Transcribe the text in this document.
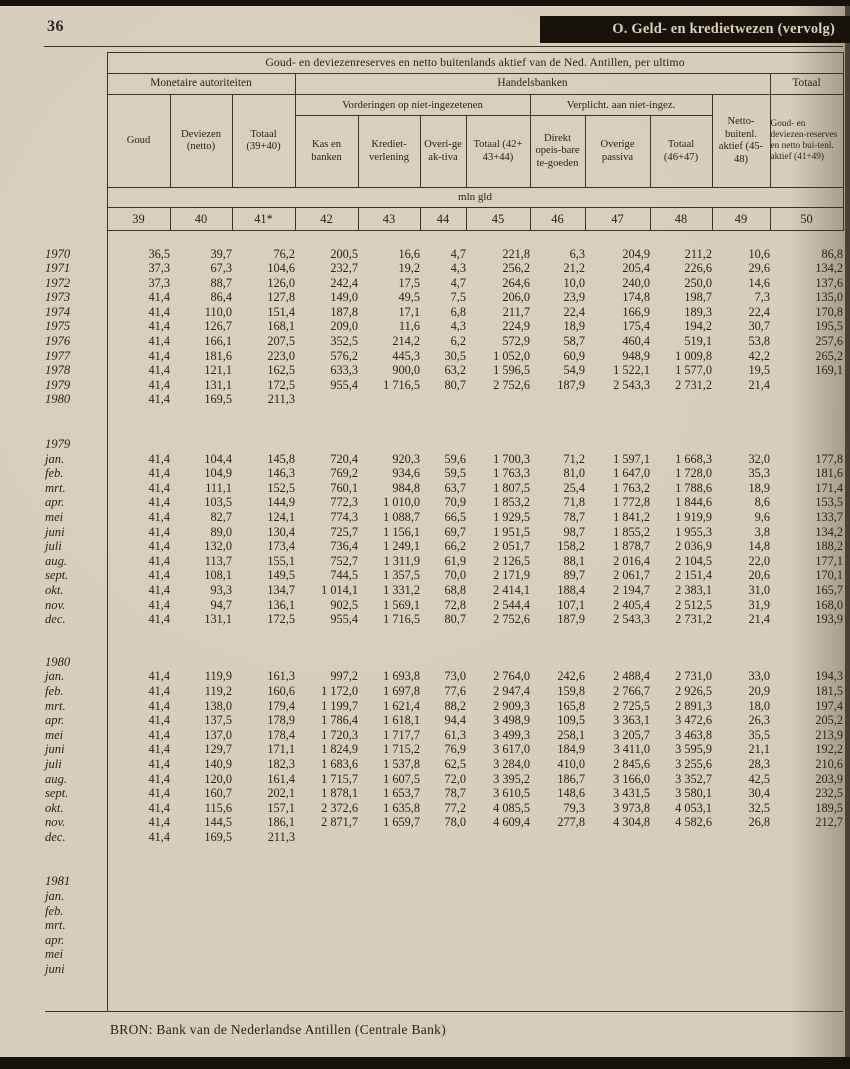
36	O. Geld- en kredietwezen (vervolg)
	Goud- en deviezenreserves en netto buitenlands aktief van de Ned. Antillen, per ultimo											
	Monetaire autoriteiten			Handelsbanken								Totaal
	Goud	Deviezen (netto)	Totaal (39+40)	Vorderingen op niet-ingezetenen				Verplicht. aan niet-ingez.			Netto-buitenl. aktief (45-48)	Goud- en deviezen-reserves en netto bui-tenl. aktief (41+49)
				Kas en banken	Krediet-verlening	Overi-ge ak-tiva	Totaal (42+ 43+44)	Direkt opeis-bare te-goeden	Overige passiva	Totaal (46+47)		
	mln gld											
	39	40	41*	42	43	44	45	46	47	48	49	50

1970	36,5	39,7	76,2	200,5	16,6	4,7	221,8	6,3	204,9	211,2	10,6	86,8
1971	37,3	67,3	104,6	232,7	19,2	4,3	256,2	21,2	205,4	226,6	29,6	134,2
1972	37,3	88,7	126,0	242,4	17,5	4,7	264,6	10,0	240,0	250,0	14,6	137,6
1973	41,4	86,4	127,8	149,0	49,5	7,5	206,0	23,9	174,8	198,7	7,3	135,0
1974	41,4	110,0	151,4	187,8	17,1	6,8	211,7	22,4	166,9	189,3	22,4	170,8
1975	41,4	126,7	168,1	209,0	11,6	4,3	224,9	18,9	175,4	194,2	30,7	195,5
1976	41,4	166,1	207,5	352,5	214,2	6,2	572,9	58,7	460,4	519,1	53,8	257,6
1977	41,4	181,6	223,0	576,2	445,3	30,5	1 052,0	60,9	948,9	1 009,8	42,2	265,2
1978	41,4	121,1	162,5	633,3	900,0	63,2	1 596,5	54,9	1 522,1	1 577,0	19,5	169,1
1979	41,4	131,1	172,5	955,4	1 716,5	80,7	2 752,6	187,9	2 543,3	2 731,2	21,4	
1980	41,4	169,5	211,3									

1979												
jan.	41,4	104,4	145,8	720,4	920,3	59,6	1 700,3	71,2	1 597,1	1 668,3	32,0	177,8
feb.	41,4	104,9	146,3	769,2	934,6	59,5	1 763,3	81,0	1 647,0	1 728,0	35,3	181,6
mrt.	41,4	111,1	152,5	760,1	984,8	63,7	1 807,5	25,4	1 763,2	1 788,6	18,9	171,4
apr.	41,4	103,5	144,9	772,3	1 010,0	70,9	1 853,2	71,8	1 772,8	1 844,6	8,6	153,5
mei	41,4	82,7	124,1	774,3	1 088,7	66,5	1 929,5	78,7	1 841,2	1 919,9	9,6	133,7
juni	41,4	89,0	130,4	725,7	1 156,1	69,7	1 951,5	98,7	1 855,2	1 955,3	3,8	134,2
juli	41,4	132,0	173,4	736,4	1 249,1	66,2	2 051,7	158,2	1 878,7	2 036,9	14,8	188,2
aug.	41,4	113,7	155,1	752,7	1 311,9	61,9	2 126,5	88,1	2 016,4	2 104,5	22,0	177,1
sept.	41,4	108,1	149,5	744,5	1 357,5	70,0	2 171,9	89,7	2 061,7	2 151,4	20,6	170,1
okt.	41,4	93,3	134,7	1 014,1	1 331,2	68,8	2 414,1	188,4	2 194,7	2 383,1	31,0	165,7
nov.	41,4	94,7	136,1	902,5	1 569,1	72,8	2 544,4	107,1	2 405,4	2 512,5	31,9	168,0
dec.	41,4	131,1	172,5	955,4	1 716,5	80,7	2 752,6	187,9	2 543,3	2 731,2	21,4	193,9

1980												
jan.	41,4	119,9	161,3	997,2	1 693,8	73,0	2 764,0	242,6	2 488,4	2 731,0	33,0	194,3
feb.	41,4	119,2	160,6	1 172,0	1 697,8	77,6	2 947,4	159,8	2 766,7	2 926,5	20,9	181,5
mrt.	41,4	138,0	179,4	1 199,7	1 621,4	88,2	2 909,3	165,8	2 725,5	2 891,3	18,0	197,4
apr.	41,4	137,5	178,9	1 786,4	1 618,1	94,4	3 498,9	109,5	3 363,1	3 472,6	26,3	205,2
mei	41,4	137,0	178,4	1 720,3	1 717,7	61,3	3 499,3	258,1	3 205,7	3 463,8	35,5	213,9
juni	41,4	129,7	171,1	1 824,9	1 715,2	76,9	3 617,0	184,9	3 411,0	3 595,9	21,1	192,2
juli	41,4	140,9	182,3	1 683,6	1 537,8	62,5	3 284,0	410,0	2 845,6	3 255,6	28,3	210,6
aug.	41,4	120,0	161,4	1 715,7	1 607,5	72,0	3 395,2	186,7	3 166,0	3 352,7	42,5	203,9
sept.	41,4	160,7	202,1	1 878,1	1 653,7	78,7	3 610,5	148,6	3 431,5	3 580,1	30,4	232,5
okt.	41,4	115,6	157,1	2 372,6	1 635,8	77,2	4 085,5	79,3	3 973,8	4 053,1	32,5	189,5
nov.	41,4	144,5	186,1	2 871,7	1 659,7	78,0	4 609,4	277,8	4 304,8	4 582,6	26,8	212,7
dec.	41,4	169,5	211,3									

1981												
jan.												
feb.												
mrt.												
apr.												
mei												
juni												

BRON: Bank van de Nederlandse Antillen (Centrale Bank)
